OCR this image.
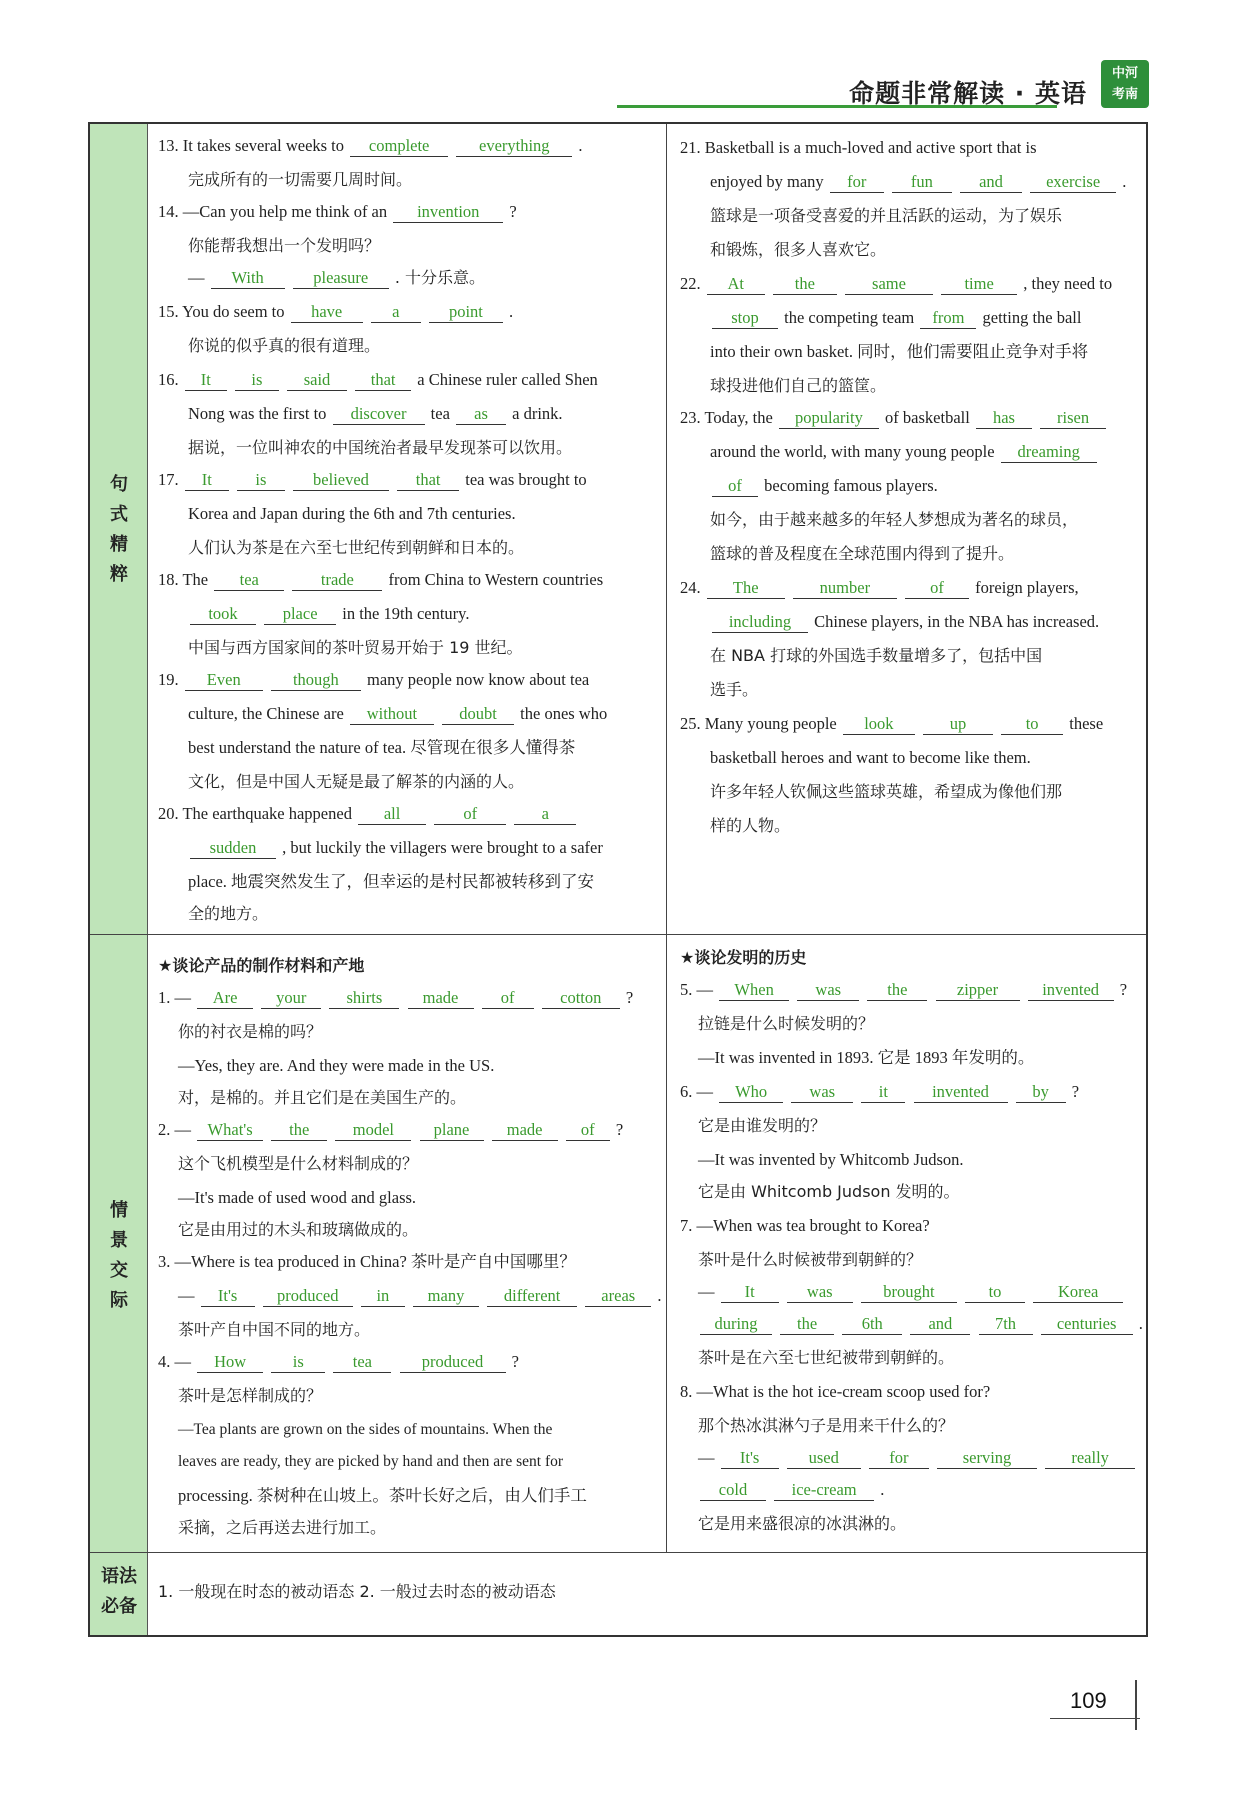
命题非常解读 · 英语
中河
考南
句
式
精
粹
情
景
交
际
语法
必备
13. It takes several weeks to complete	everything .
完成所有的一切需要几周时间。
14. —Can you help me think of an invention ?
你能帮我想出一个发明吗？
— With	pleasure . 十分乐意。
15. You do seem to have	a	point .
你说的似乎真的很有道理。
16. It is	said that a Chinese ruler called Shen
Nong was the first to discover tea as a drink.
据说，一位叫神农的中国统治者最早发现茶可以饮用。
17. It	is	believed	that tea was brought to
Korea and Japan during the 6th and 7th centuries.
人们认为茶是在六至七世纪传到朝鲜和日本的。
18. The tea	trade from China to Western countries
took	place in the 19th century.
中国与西方国家间的茶叶贸易开始于 19 世纪。
19. Even	though many people now know about tea
culture, the Chinese are without	doubt the ones who
best understand the nature of tea. 尽管现在很多人懂得茶
文化，但是中国人无疑是最了解茶的内涵的人。
20. The earthquake happened all	of	a
sudden , but luckily the villagers were brought to a safer
place. 地震突然发生了，但幸运的是村民都被转移到了安
全的地方。
21. Basketball is a much-loved and active sport that is
enjoyed by many for	fun	and	exercise .
篮球是一项备受喜爱的并且活跃的运动，为了娱乐
和锻炼，很多人喜欢它。
22. At	the	same	time , they need to
stop the competing team from getting the ball
into their own basket. 同时，他们需要阻止竞争对手将
球投进他们自己的篮筐。
23. Today, the popularity of basketball has	risen
around the world, with many young people dreaming
of becoming famous players.
如今，由于越来越多的年轻人梦想成为著名的球员，
篮球的普及程度在全球范围内得到了提升。
24. The	number	of foreign players,
including Chinese players, in the NBA has increased.
在 NBA 打球的外国选手数量增多了，包括中国
选手。
25. Many young people look	up	to these
basketball heroes and want to become like them.
许多年轻人钦佩这些篮球英雄，希望成为像他们那
样的人物。
★谈论产品的制作材料和产地
1. — Are your shirts made	of	cotton ?
你的衬衣是棉的吗？
—Yes, they are. And they were made in the US.
对，是棉的。并且它们是在美国生产的。
2. — What's the	model plane made of ?
这个飞机模型是什么材料制成的？
—It's made of used wood and glass.
它是由用过的木头和玻璃做成的。
3. —Where is tea produced in China? 茶叶是产自中国哪里？
— It's produced in many different areas .
茶叶产自中国不同的地方。
4. — How	is	tea	produced ?
茶叶是怎样制成的？
—Tea plants are grown on the sides of mountains. When the
leaves are ready, they are picked by hand and then are sent for
processing. 茶树种在山坡上。茶叶长好之后，由人们手工
采摘，之后再送去进行加工。
★谈论发明的历史
5. — When	was	the	zipper	invented ?
拉链是什么时候发明的？
—It was invented in 1893. 它是 1893 年发明的。
6. — Who	was	it	invented	by ?
它是由谁发明的？
—It was invented by Whitcomb Judson.
它是由 Whitcomb Judson 发明的。
7. —When was tea brought to Korea?
茶叶是什么时候被带到朝鲜的？
— It	was	brought	to	Korea
during the	6th	and	7th centuries .
茶叶是在六至七世纪被带到朝鲜的。
8. —What is the hot ice-cream scoop used for?
那个热冰淇淋勺子是用来干什么的？
— It's	used	for	serving	really
cold	ice-cream .
它是用来盛很凉的冰淇淋的。
1. 一般现在时态的被动语态 2. 一般过去时态的被动语态
109
